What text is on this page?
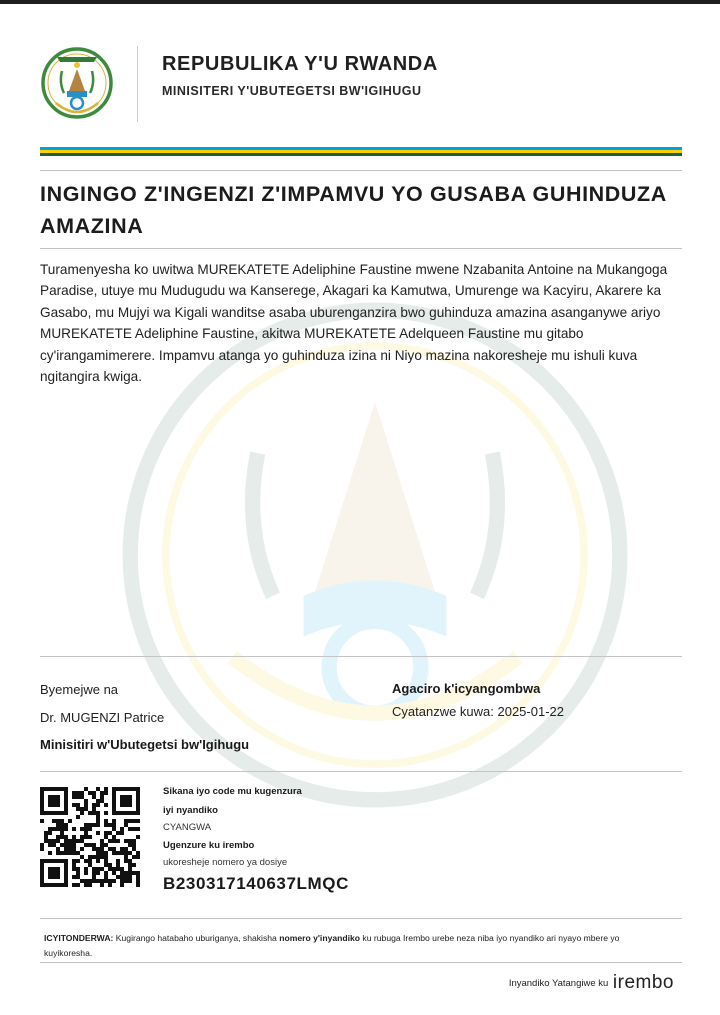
REPUBULIKA Y'U RWANDA
MINISITERI Y'UBUTEGETSI BW'IGIHUGU
INGINGO Z'INGENZI Z'IMPAMVU YO GUSABA GUHINDUZA AMAZINA

Turamenyesha ko uwitwa MUREKATETE Adeliphine Faustine mwene Nzabanita Antoine na Mukangoga Paradise, utuye mu Mudugudu wa Kanserege, Akagari ka Kamutwa, Umurenge wa Kacyiru, Akarere ka Gasabo, mu Mujyi wa Kigali wanditse asaba uburenganzira bwo guhinduza amazina asanganywe ariyo MUREKATETE Adeliphine Faustine, akitwa MUREKATETE Adelqueen Faustine mu gitabo cy'irangamimerere. Impamvu atanga yo guhinduza izina ni Niyo mazina nakoresheje mu ishuli kuva ngitangira kwiga.

Byemejwe na
Dr. MUGENZI Patrice
Minisitiri w'Ubutegetsi bw'Igihugu
Agaciro k'icyangombwa
Cyatanzwe kuwa: 2025-01-22
Sikana iyo code mu kugenzura
iyi nyandiko
CYANGWA
Ugenzure ku irembo
ukoresheje nomero ya dosiye
B230317140637LMQC

ICYITONDERWA: Kugirango hatabaho uburiganya, shakisha nomero y'inyandiko ku rubuga Irembo urebe neza niba iyo nyandiko ari nyayo mbere yo kuyikoresha.

Inyandiko Yatangiwe ku irembo
